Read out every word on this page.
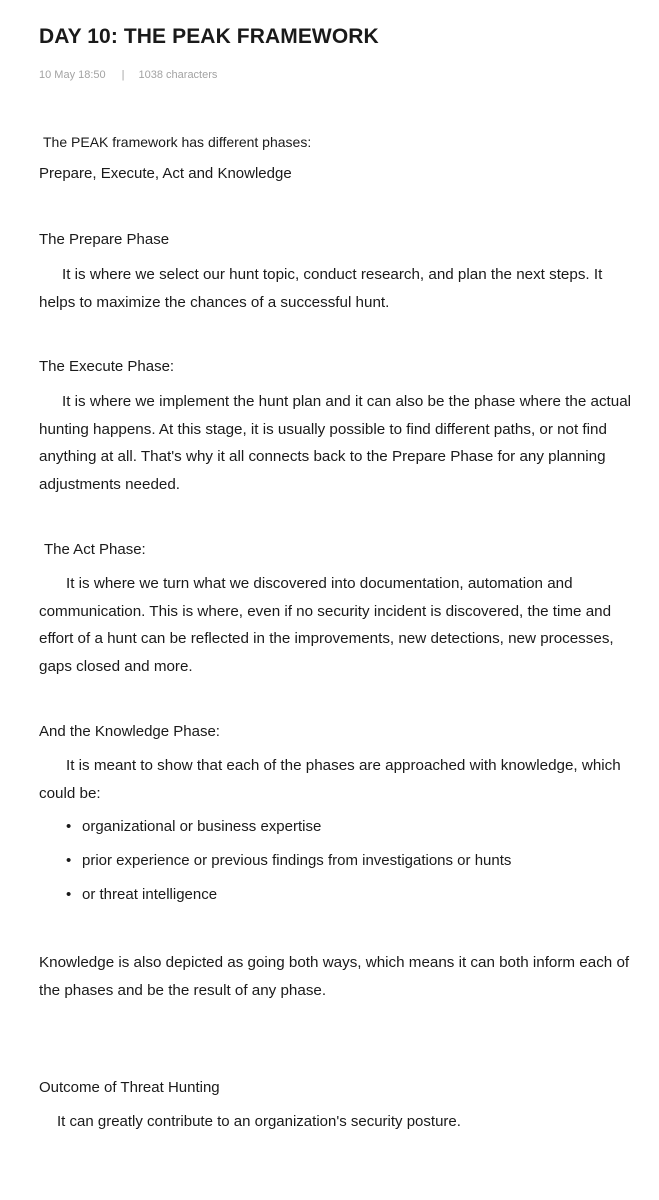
DAY 10: THE PEAK FRAMEWORK
10 May 18:50 | 1038 characters
The PEAK framework has different phases:
Prepare, Execute, Act and Knowledge
The Prepare Phase
It is where we select our hunt topic, conduct research, and plan the next steps. It helps to maximize the chances of a successful hunt.
The Execute Phase:
It is where we implement the hunt plan and it can also be the phase where the actual hunting happens. At this stage, it is usually possible to find different paths, or not find anything at all. That's why it all connects back to the Prepare Phase for any planning adjustments needed.
The Act Phase:
It is where we turn what we discovered into documentation, automation and communication. This is where, even if no security incident is discovered, the time and effort of a hunt can be reflected in the improvements, new detections, new processes, gaps closed and more.
And the Knowledge Phase:
It is meant to show that each of the phases are approached with knowledge, which could be:
• organizational or business expertise
• prior experience or previous findings from investigations or hunts
• or threat intelligence
Knowledge is also depicted as going both ways, which means it can both inform each of the phases and be the result of any phase.
Outcome of Threat Hunting
It can greatly contribute to an organization's security posture.
